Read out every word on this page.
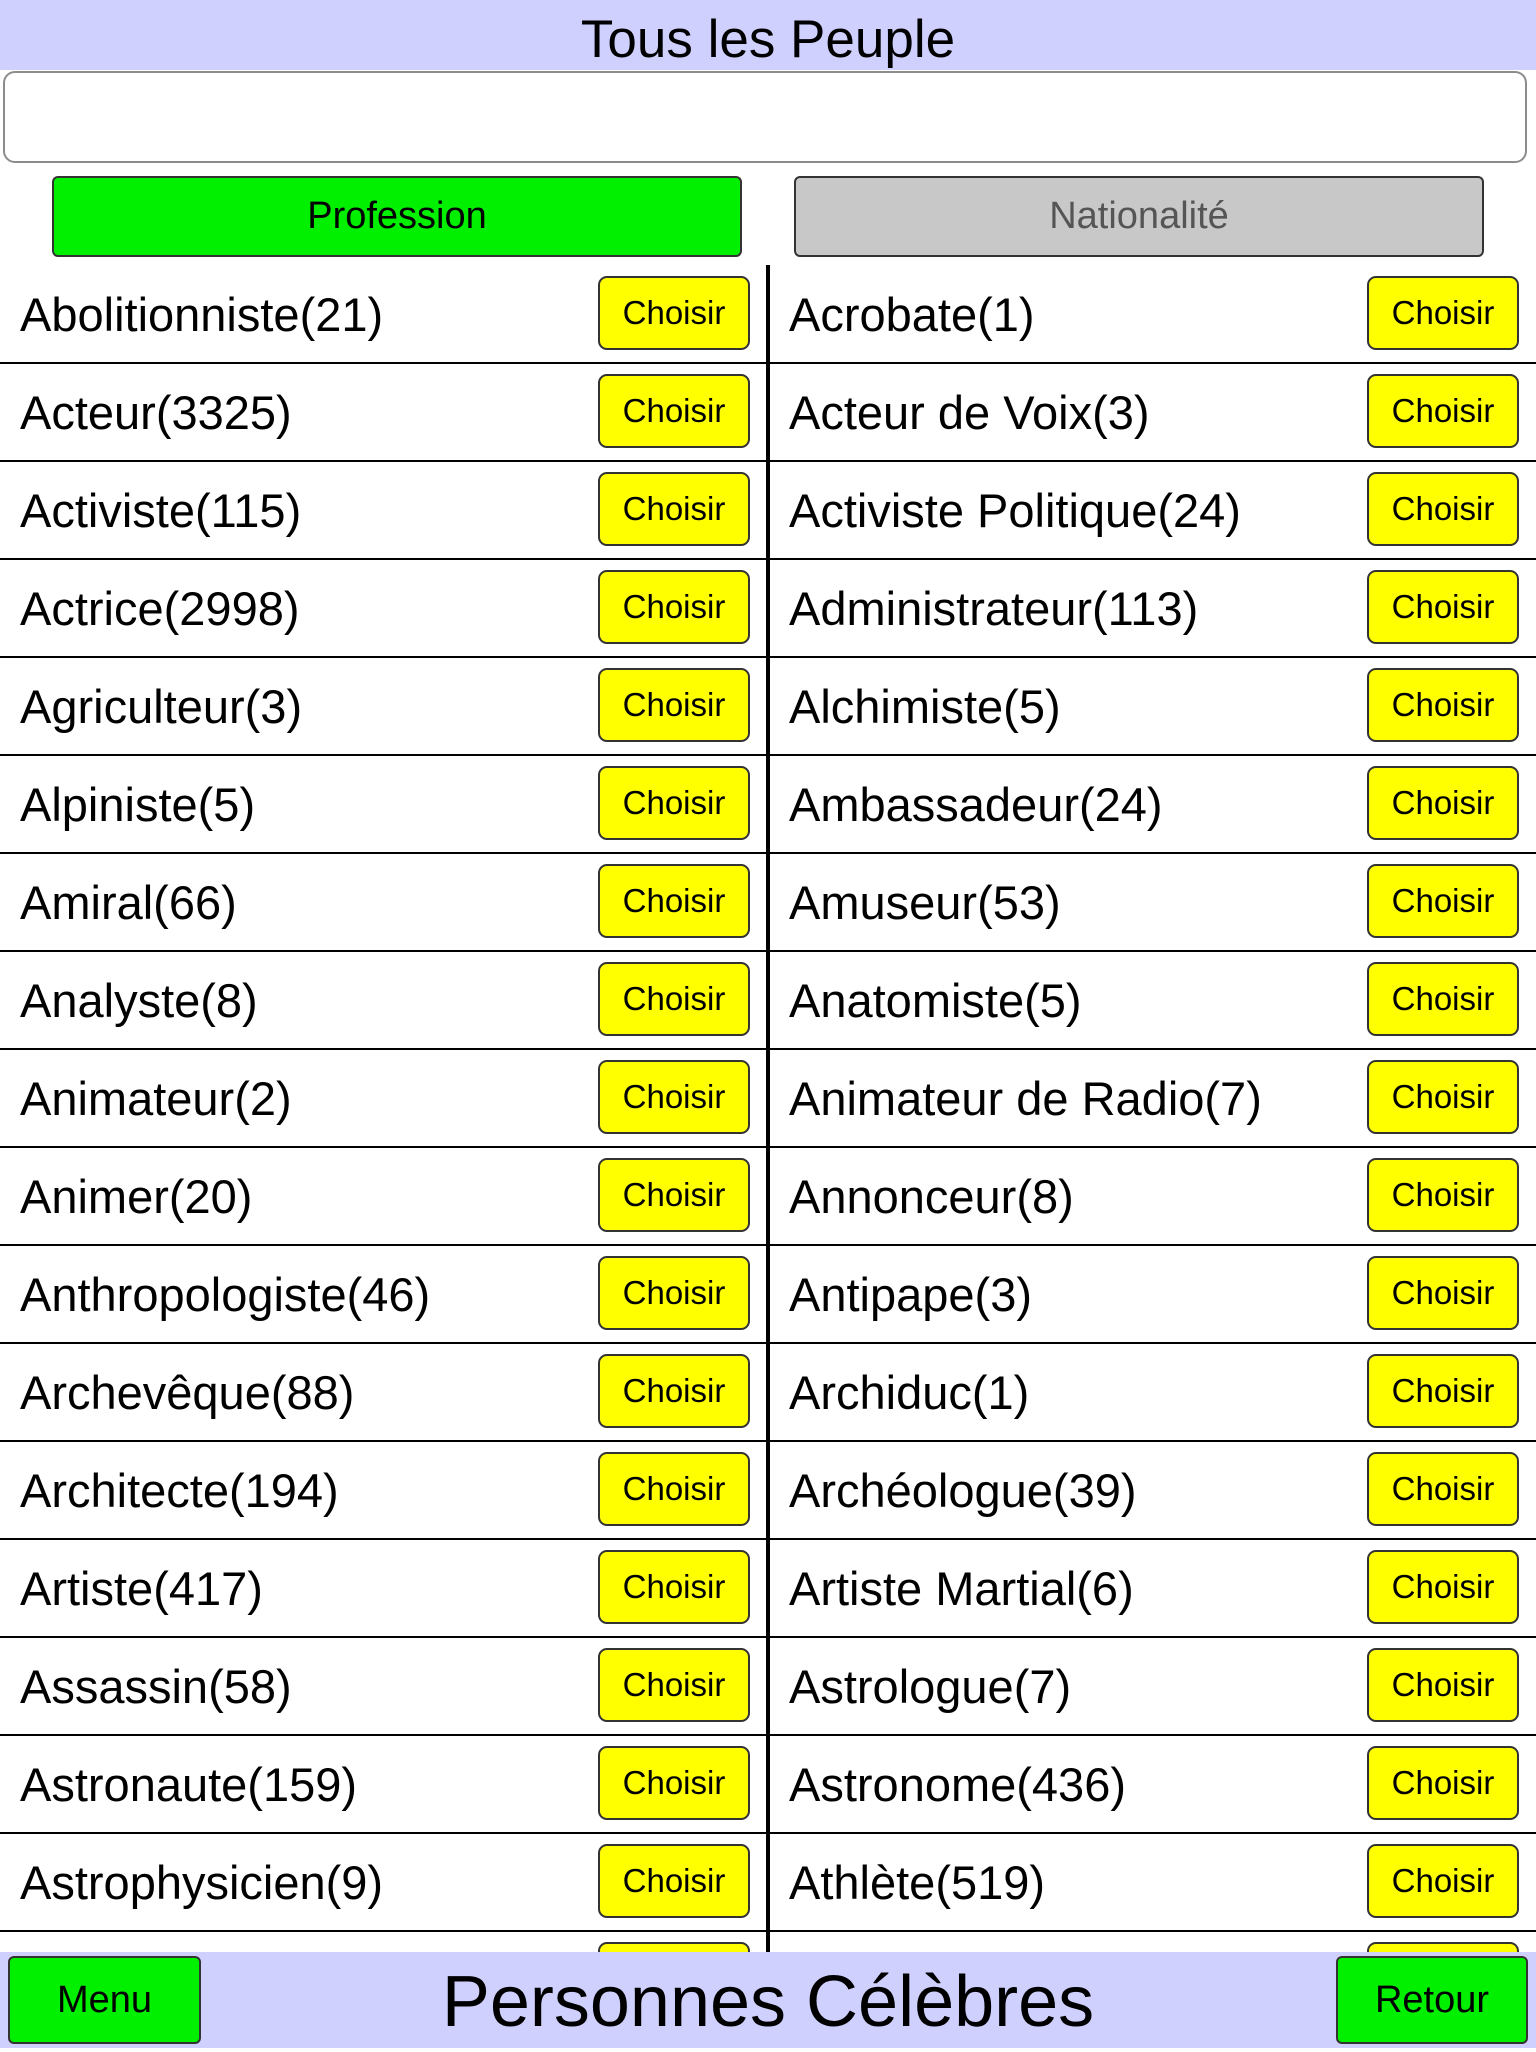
Tous les Peuple
Profession	Nationalité
Abolitionniste(21)	Choisir
Acteur(3325)	Choisir
Activiste(115)	Choisir
Actrice(2998)	Choisir
Agriculteur(3)	Choisir
Alpiniste(5)	Choisir
Amiral(66)	Choisir
Analyste(8)	Choisir
Animateur(2)	Choisir
Animer(20)	Choisir
Anthropologiste(46)	Choisir
Archevêque(88)	Choisir
Architecte(194)	Choisir
Artiste(417)	Choisir
Assassin(58)	Choisir
Astronaute(159)	Choisir
Astrophysicien(9)	Choisir
Acrobate(1)	Choisir
Acteur de Voix(3)	Choisir
Activiste Politique(24)	Choisir
Administrateur(113)	Choisir
Alchimiste(5)	Choisir
Ambassadeur(24)	Choisir
Amuseur(53)	Choisir
Anatomiste(5)	Choisir
Animateur de Radio(7)	Choisir
Annonceur(8)	Choisir
Antipape(3)	Choisir
Archiduc(1)	Choisir
Archéologue(39)	Choisir
Artiste Martial(6)	Choisir
Astrologue(7)	Choisir
Astronome(436)	Choisir
Athlète(519)	Choisir
Personnes Célèbres
Menu	Retour
